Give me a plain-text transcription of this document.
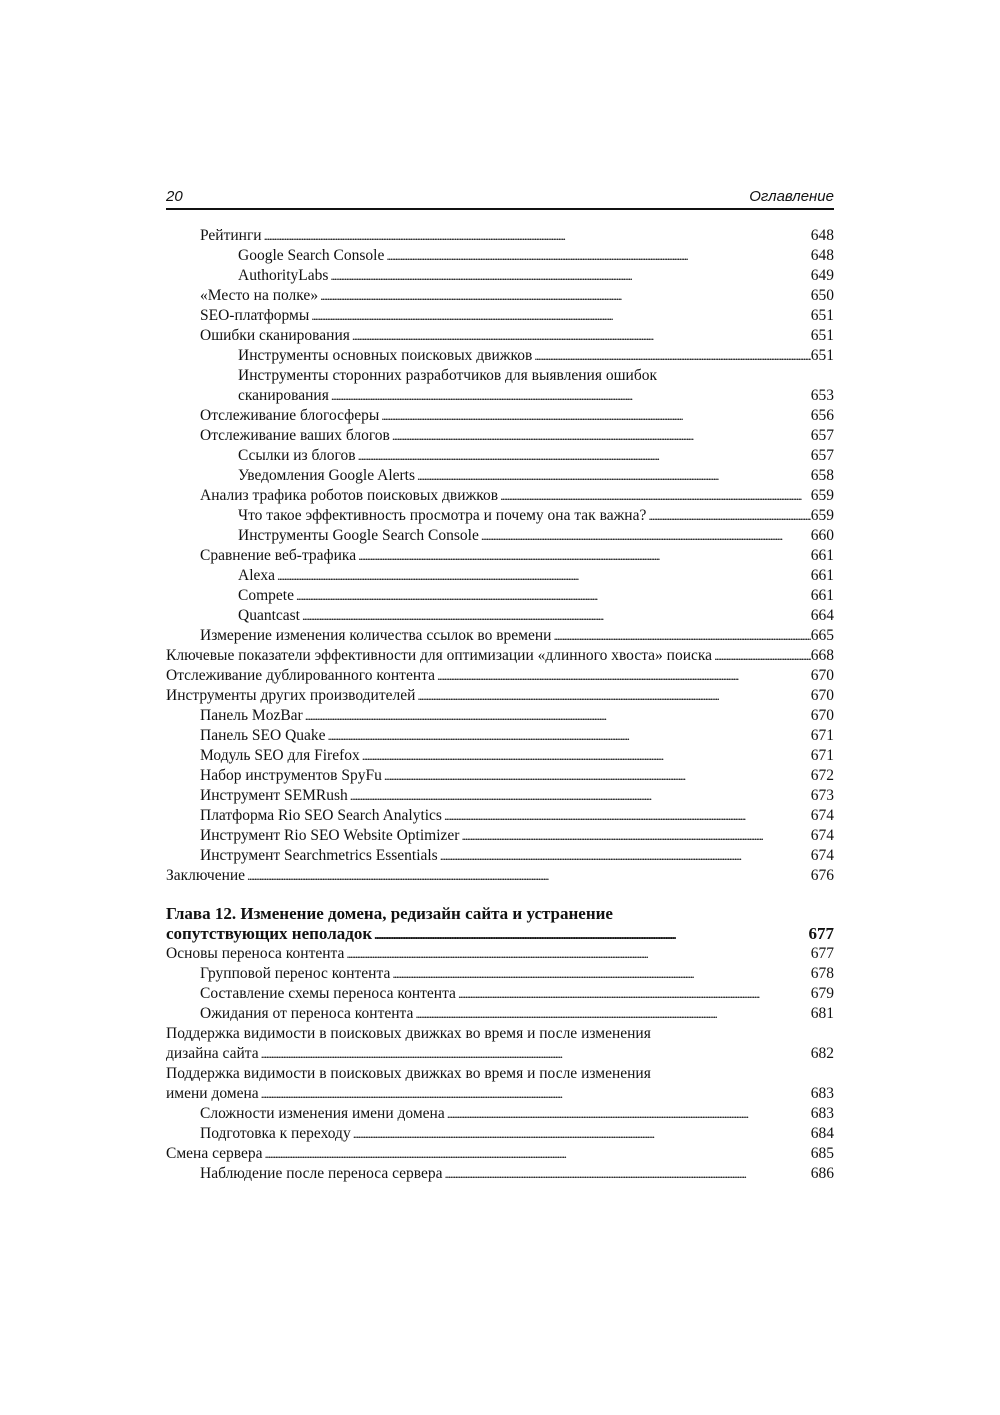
20	Оглавление
Рейтинги . . .	648
Google Search Console . . .	648
AuthorityLabs . . .	649
«Место на полке» . . .	650
SEO-платформы . . .	651
Ошибки сканирования . . .	651
Инструменты основных поисковых движков . . .	651
Инструменты сторонних разработчиков для выявления ошибок
сканирования . . .	653
Отслеживание блогосферы . . .	656
Отслеживание ваших блогов . . .	657
Ссылки из блогов . . .	657
Уведомления Google Alerts . . .	658
Анализ трафика роботов поисковых движков . . .	659
Что такое эффективность просмотра и почему она так важна? . . .	659
Инструменты Google Search Console . . .	660
Сравнение веб-трафика . . .	661
Alexa . . .	661
Compete . . .	661
Quantcast . . .	664
Измерение изменения количества ссылок во времени . . .	665
Ключевые показатели эффективности для оптимизации «длинного хвоста» поиска . . .	668
Отслеживание дублированного контента . . .	670
Инструменты других производителей . . .	670
Панель MozBar . . .	670
Панель SEO Quake . . .	671
Модуль SEO для Firefox . . .	671
Набор инструментов SpyFu . . .	672
Инструмент SEMRush . . .	673
Платформа Rio SEO Search Analytics . . .	674
Инструмент Rio SEO Website Optimizer . . .	674
Инструмент Searchmetrics Essentials . . .	674
Заключение . . .	676
Глава 12. Изменение домена, редизайн сайта и устранение
сопутствующих неполадок . . .	677
Основы переноса контента . . .	677
Групповой перенос контента . . .	678
Составление схемы переноса контента . . .	679
Ожидания от переноса контента . . .	681
Поддержка видимости в поисковых движках во время и после изменения
дизайна сайта . . .	682
Поддержка видимости в поисковых движках во время и после изменения
имени домена . . .	683
Сложности изменения имени домена . . .	683
Подготовка к переходу . . .	684
Смена сервера . . .	685
Наблюдение после переноса сервера . . .	686
